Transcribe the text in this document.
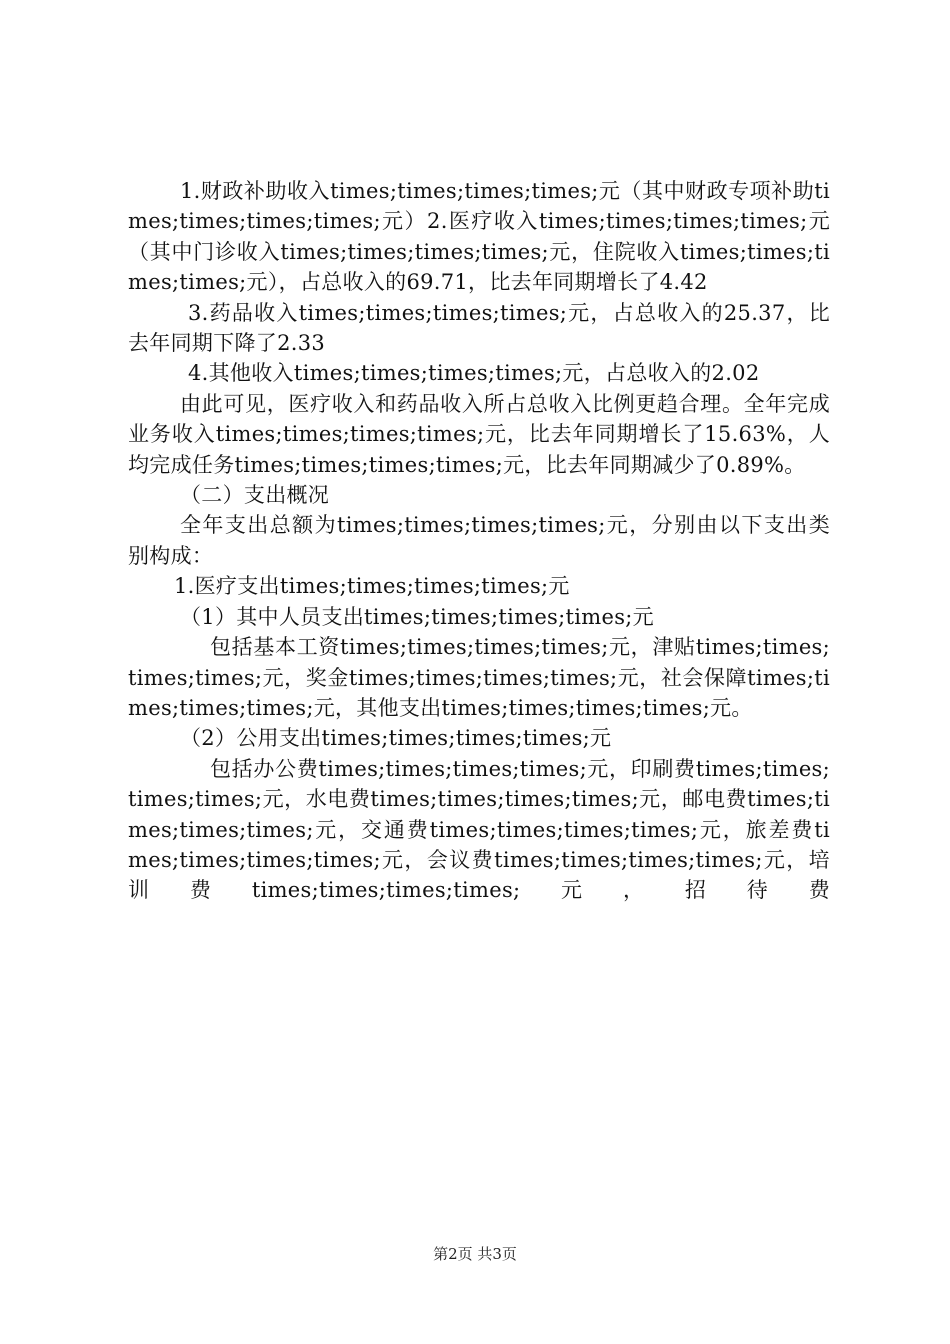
1.财政补助收入times;times;times;times;元（其中财政专项补助times;times;times;times;元）2.医疗收入times;times;times;times;元（其中门诊收入times;times;times;times;元，住院收入times;times;times;times;元），占总收入的69.71，比去年同期增长了4.42

3.药品收入times;times;times;times;元，占总收入的25.37，比去年同期下降了2.33

4.其他收入times;times;times;times;元，占总收入的2.02

由此可见，医疗收入和药品收入所占总收入比例更趋合理。全年完成业务收入times;times;times;times;元，比去年同期增长了15.63%，人均完成任务times;times;times;times;元，比去年同期减少了0.89%。

（二）支出概况

全年支出总额为times;times;times;times;元，分别由以下支出类别构成：

1.医疗支出times;times;times;times;元

（1）其中人员支出times;times;times;times;元

包括基本工资times;times;times;times;元，津贴times;times;times;times;元，奖金times;times;times;times;元，社会保障times;times;times;times;元，其他支出times;times;times;times;元。

（2）公用支出times;times;times;times;元

包括办公费times;times;times;times;元，印刷费times;times;times;times;元，水电费times;times;times;times;元，邮电费times;times;times;times;元，交通费times;times;times;times;元，旅差费times;times;times;times;元，会议费times;times;times;times;元，培训费times;times;times;times;元，招待费

第2页 共3页
